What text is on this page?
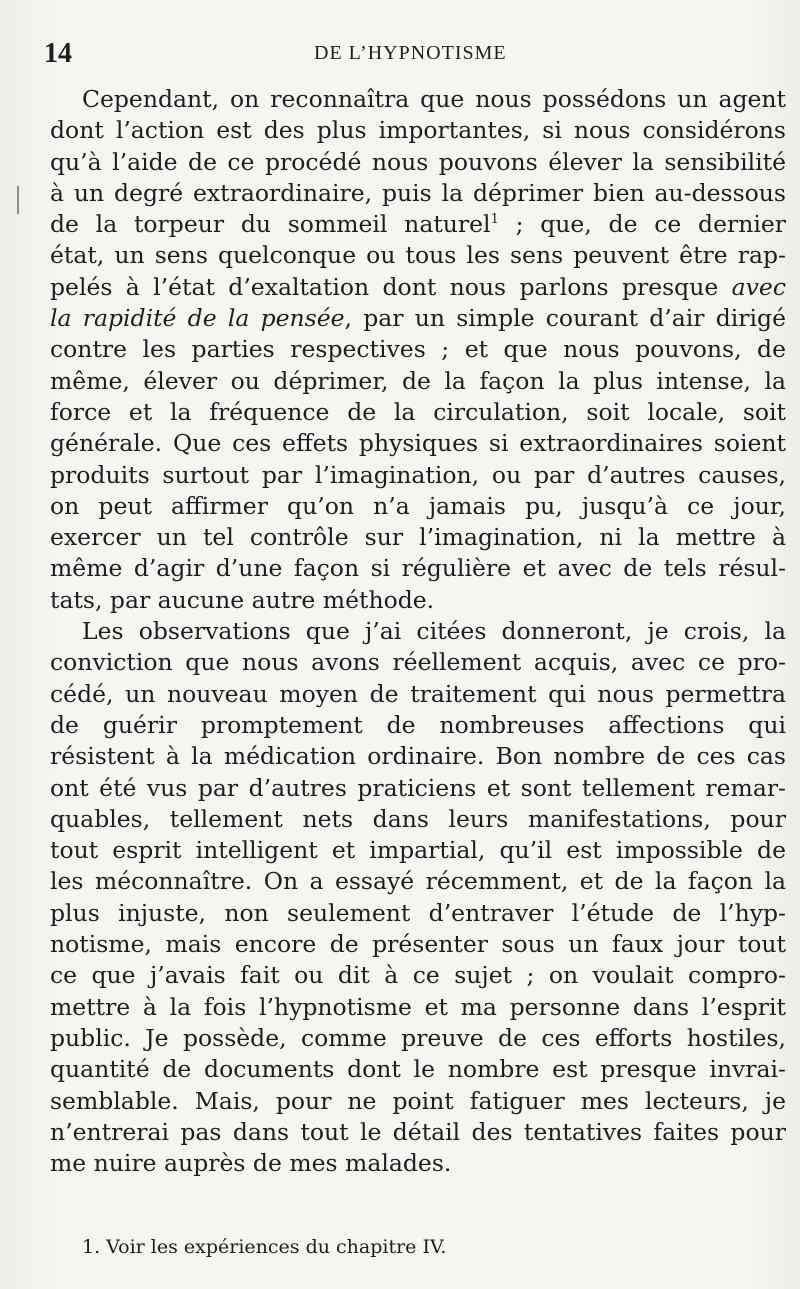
14	DE L’HYPNOTISME

Cependant, on reconnaîtra que nous possédons un agent
dont l’action est des plus importantes, si nous considérons
qu’à l’aide de ce procédé nous pouvons élever la sensibilité
à un degré extraordinaire, puis la déprimer bien au-dessous
de la torpeur du sommeil naturel$^1$ ; que, de ce dernier
état, un sens quelconque ou tous les sens peuvent être rap-
pelés à l’état d’exaltation dont nous parlons presque avec
la rapidité de la pensée, par un simple courant d’air dirigé
contre les parties respectives ; et que nous pouvons, de
même, élever ou déprimer, de la façon la plus intense, la
force et la fréquence de la circulation, soit locale, soit
générale. Que ces effets physiques si extraordinaires soient
produits surtout par l’imagination, ou par d’autres causes,
on peut affirmer qu’on n’a jamais pu, jusqu’à ce jour,
exercer un tel contrôle sur l’imagination, ni la mettre à
même d’agir d’une façon si régulière et avec de tels résul-
tats, par aucune autre méthode.

Les observations que j’ai citées donneront, je crois, la
conviction que nous avons réellement acquis, avec ce pro-
cédé, un nouveau moyen de traitement qui nous permettra
de guérir promptement de nombreuses affections qui
résistent à la médication ordinaire. Bon nombre de ces cas
ont été vus par d’autres praticiens et sont tellement remar-
quables, tellement nets dans leurs manifestations, pour
tout esprit intelligent et impartial, qu’il est impossible de
les méconnaître. On a essayé récemment, et de la façon la
plus injuste, non seulement d’entraver l’étude de l’hyp-
notisme, mais encore de présenter sous un faux jour tout
ce que j’avais fait ou dit à ce sujet ; on voulait compro-
mettre à la fois l’hypnotisme et ma personne dans l’esprit
public. Je possède, comme preuve de ces efforts hostiles,
quantité de documents dont le nombre est presque invrai-
semblable. Mais, pour ne point fatiguer mes lecteurs, je
n’entrerai pas dans tout le détail des tentatives faites pour
me nuire auprès de mes malades.

1. Voir les expériences du chapitre IV.
